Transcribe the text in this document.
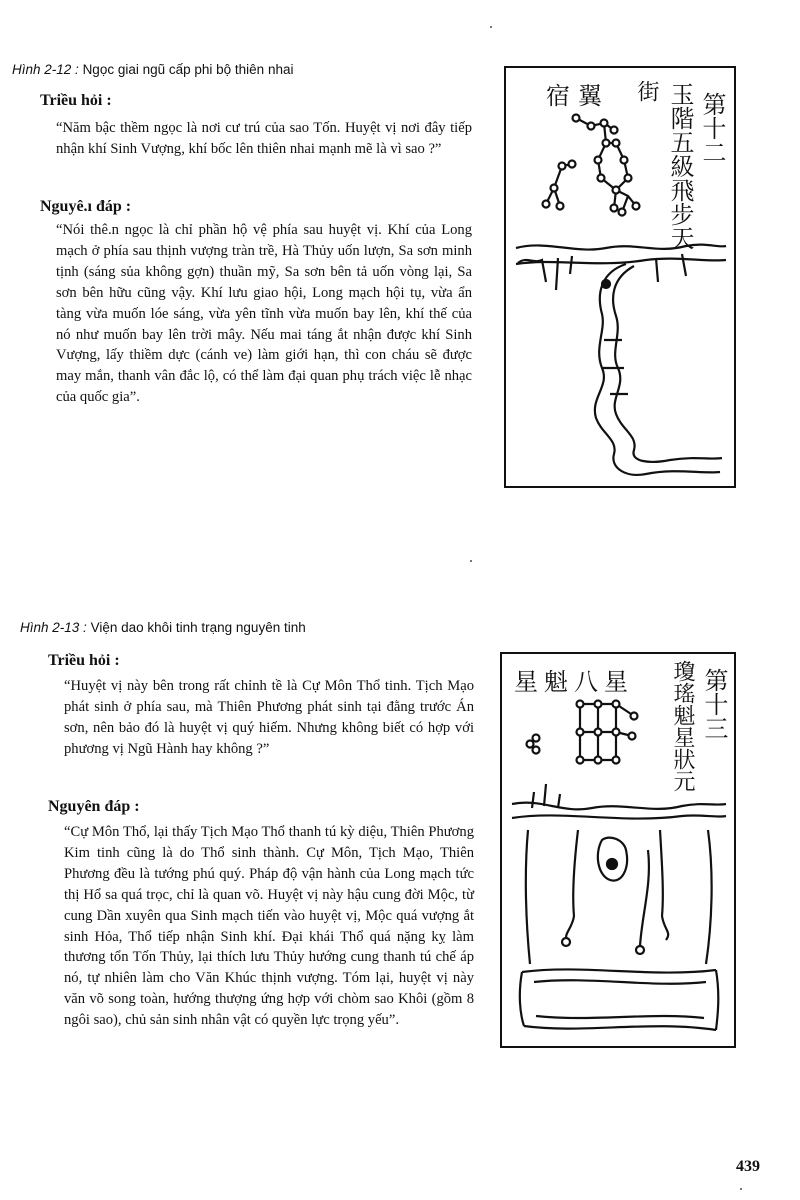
Hình 2-12 : Ngọc giai ngũ cấp phi bộ thiên nhai
Triều hỏi :

“Năm bậc thềm ngọc là nơi cư trú của sao Tốn. Huyệt vị nơi đây tiếp nhận khí Sinh Vượng, khí bốc lên thiên nhai mạnh mẽ là vì sao ?”

Nguyê.ı đáp :

“Nói thê.n ngọc là chỉ phần hộ vệ phía sau huyệt vị. Khí của Long mạch ở phía sau thịnh vượng tràn trề, Hà Thủy uốn lượn, Sa sơn minh tịnh (sáng sủa không gợn) thuần mỹ, Sa sơn bên tả uốn vòng lại, Sa sơn bên hữu cũng vậy. Khí lưu giao hội, Long mạch hội tụ, vừa ẩn tàng vừa muốn lóe sáng, vừa yên tĩnh vừa muốn bay lên, khí thế của nó như muốn bay lên trời mây. Nếu mai táng ắt nhận được khí Sinh Vượng, lấy thiềm dực (cánh ve) làm giới hạn, thì con cháu sẽ được may mắn, thanh vân đắc lộ, có thể làm đại quan phụ trách việc lễ nhạc của quốc gia”.

第十二
玉階五級飛步天
街
宿翼
Hình 2-13 : Viện dao khôi tinh trạng nguyên tinh
Triều hỏi :

“Huyệt vị này bên trong rất chỉnh tề là Cự Môn Thổ tinh. Tịch Mạo phát sinh ở phía sau, mà Thiên Phương phát sinh tại đằng trước Án sơn, nên bảo đó là huyệt vị quý hiếm. Nhưng không biết có hợp với phương vị Ngũ Hành hay không ?”

Nguyên đáp :

“Cự Môn Thổ, lại thấy Tịch Mạo Thổ thanh tú kỳ diệu, Thiên Phương Kim tinh cũng là do Thổ sinh thành. Cự Môn, Tịch Mạo, Thiên Phương đều là tướng phú quý. Pháp độ vận hành của Long mạch tức thị Hổ sa quá trọc, chỉ là quan võ. Huyệt vị này hậu cung đời Mộc, từ cung Dần xuyên qua Sinh mạch tiến vào huyệt vị, Mộc quá vượng ắt sinh Hỏa, Thổ tiếp nhận Sinh khí. Đại khái Thổ quá nặng kỵ làm thương tổn Tốn Thủy, lại thích lưu Thủy hướng cung thanh tú chế áp nó, tự nhiên làm cho Văn Khúc thịnh vượng. Tóm lại, huyệt vị này văn võ song toàn, hướng thượng ứng hợp với chòm sao Khôi (gồm 8 ngôi sao), chủ sản sinh nhân vật có quyền lực trọng yếu”.

第十三
瓊瑤魁星狀元
星魁八星
439
